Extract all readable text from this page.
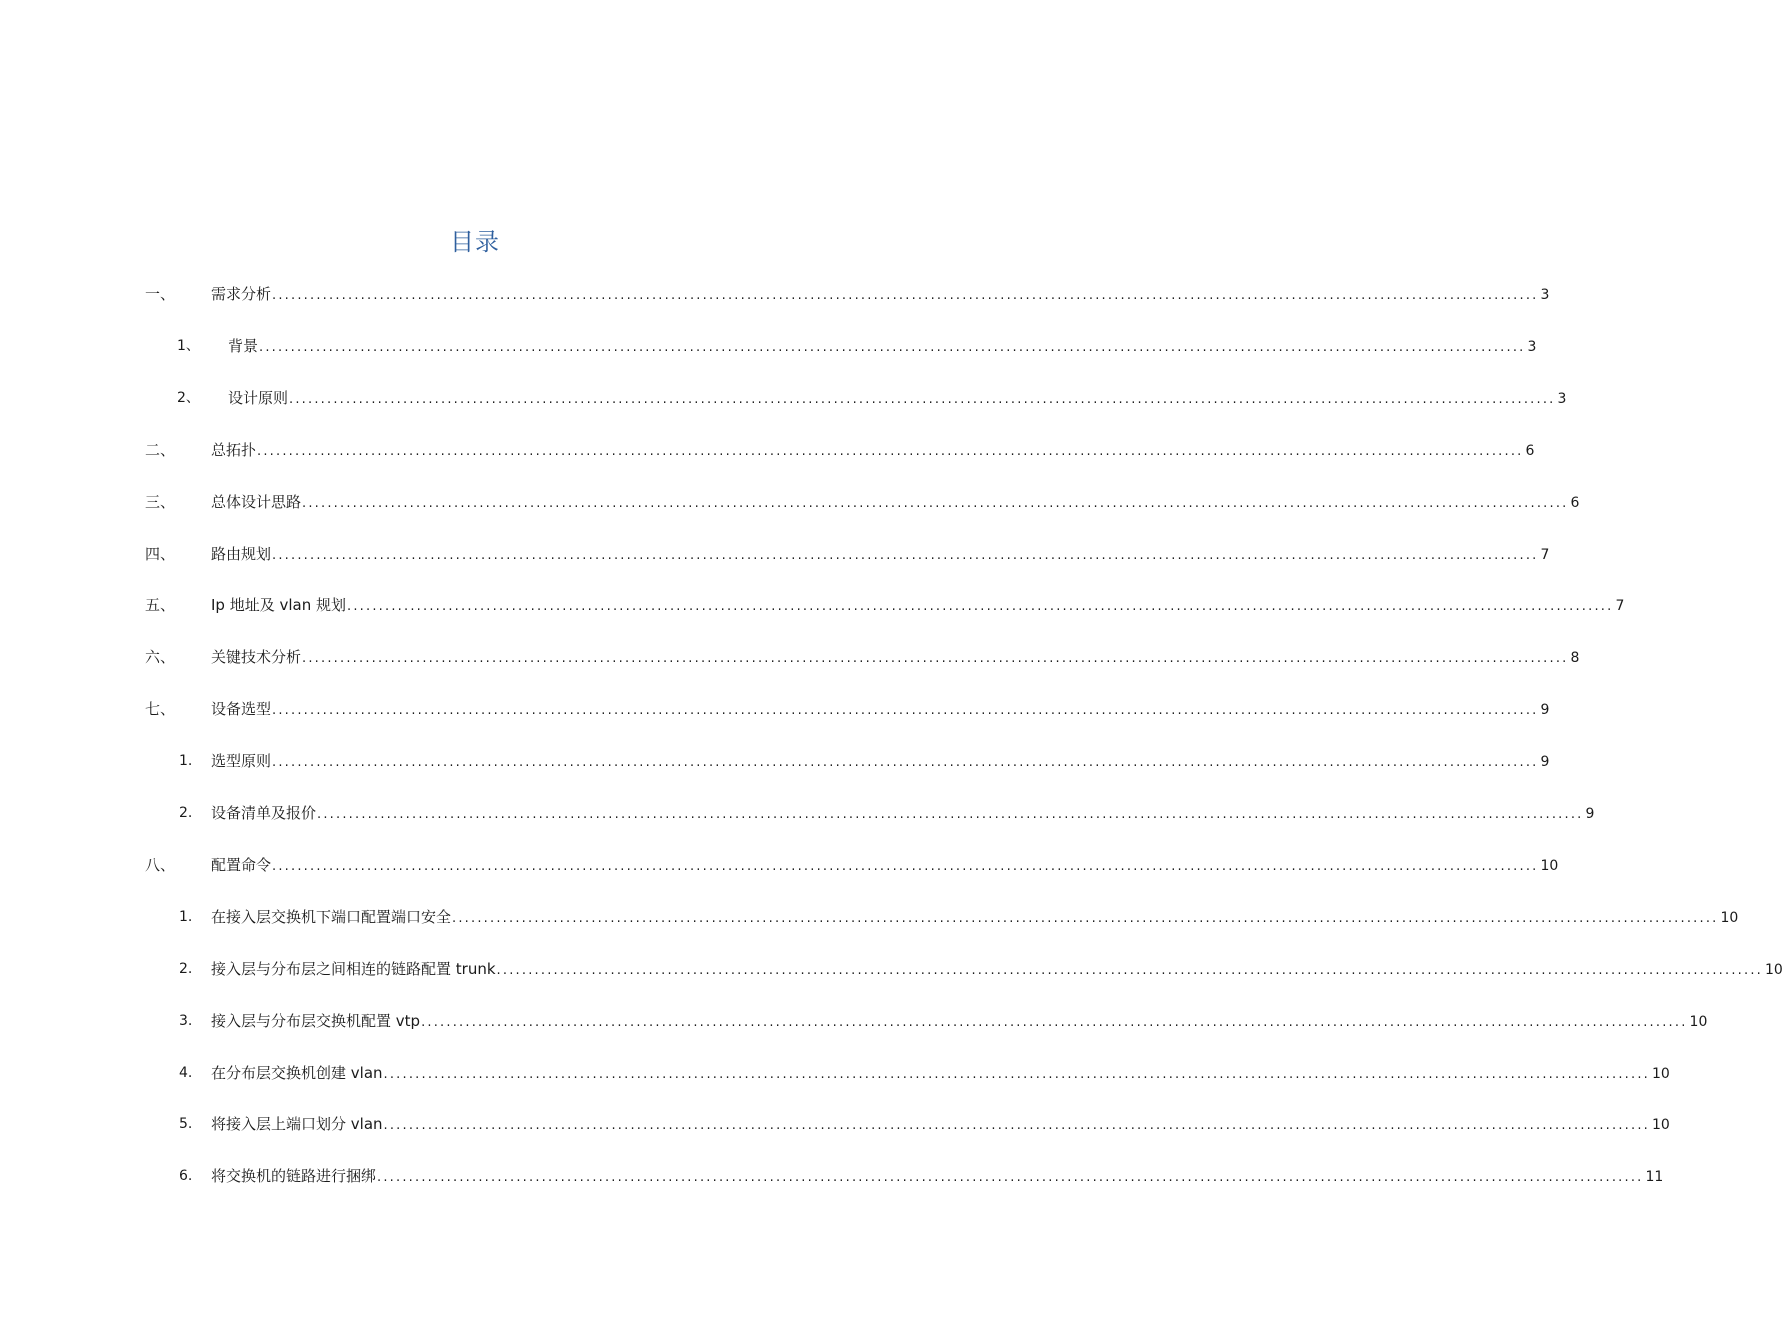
目录
一、 需求分析 ........................................................................................................................................................................................................ 3
1、 背景 ........................................................................................................................................................................................................ 3
2、 设计原则 ........................................................................................................................................................................................................ 3
二、 总拓扑 ........................................................................................................................................................................................................ 6
三、 总体设计思路 ........................................................................................................................................................................................................ 6
四、 路由规划 ........................................................................................................................................................................................................ 7
五、 Ip 地址及 vlan 规划 ........................................................................................................................................................................................................ 7
六、 关键技术分析 ........................................................................................................................................................................................................ 8
七、 设备选型 ........................................................................................................................................................................................................ 9
1. 选型原则 ........................................................................................................................................................................................................ 9
2. 设备清单及报价 ........................................................................................................................................................................................................ 9
八、 配置命令 ........................................................................................................................................................................................................ 10
1. 在接入层交换机下端口配置端口安全 ........................................................................................................................................................................................................ 10
2. 接入层与分布层之间相连的链路配置 trunk ........................................................................................................................................................................................................ 10
3. 接入层与分布层交换机配置 vtp ........................................................................................................................................................................................................ 10
4. 在分布层交换机创建 vlan ........................................................................................................................................................................................................ 10
5. 将接入层上端口划分 vlan ........................................................................................................................................................................................................ 10
6. 将交换机的链路进行捆绑 ........................................................................................................................................................................................................ 11
